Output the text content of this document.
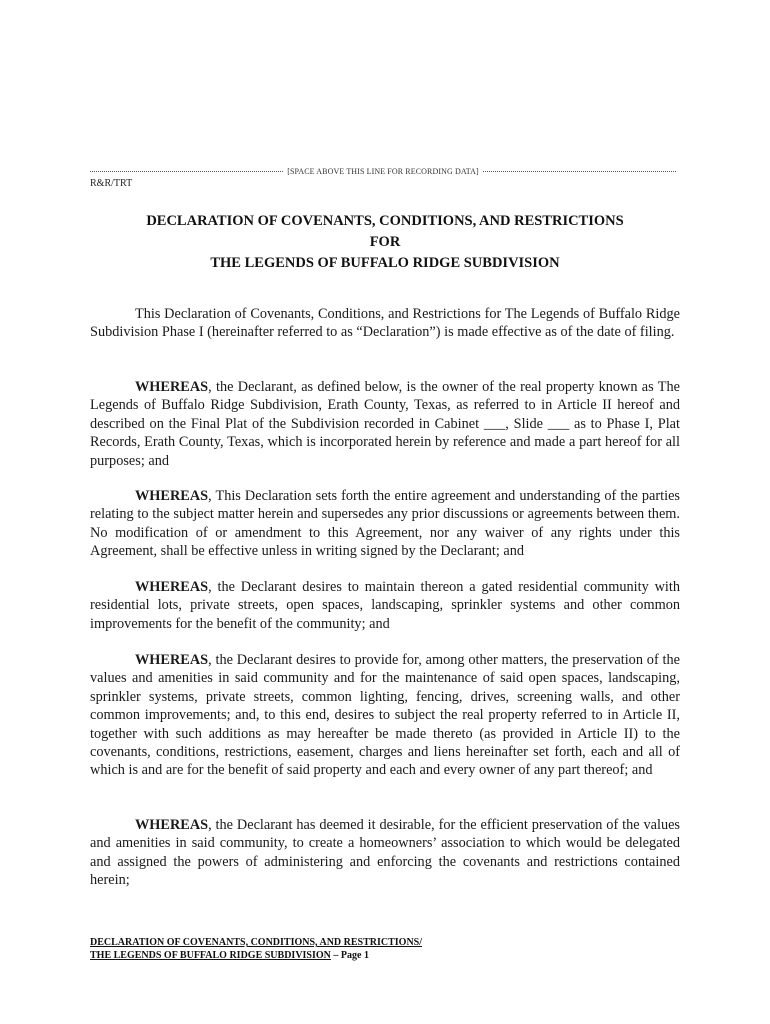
[SPACE ABOVE THIS LINE FOR RECORDING DATA]
R&R/TRT
DECLARATION OF COVENANTS, CONDITIONS, AND RESTRICTIONS
FOR
THE LEGENDS OF BUFFALO RIDGE SUBDIVISION

This Declaration of Covenants, Conditions, and Restrictions for The Legends of Buffalo Ridge Subdivision Phase I (hereinafter referred to as “Declaration”) is made effective as of the date of filing.

WHEREAS, the Declarant, as defined below, is the owner of the real property known as The Legends of Buffalo Ridge Subdivision, Erath County, Texas, as referred to in Article II hereof and described on the Final Plat of the Subdivision recorded in Cabinet ___, Slide ___ as to Phase I, Plat Records, Erath County, Texas, which is incorporated herein by reference and made a part hereof for all purposes; and

WHEREAS, This Declaration sets forth the entire agreement and understanding of the parties relating to the subject matter herein and supersedes any prior discussions or agreements between them. No modification of or amendment to this Agreement, nor any waiver of any rights under this Agreement, shall be effective unless in writing signed by the Declarant; and

WHEREAS, the Declarant desires to maintain thereon a gated residential community with residential lots, private streets, open spaces, landscaping, sprinkler systems and other common improvements for the benefit of the community; and

WHEREAS, the Declarant desires to provide for, among other matters, the preservation of the values and amenities in said community and for the maintenance of said open spaces, landscaping, sprinkler systems, private streets, common lighting, fencing, drives, screening walls, and other common improvements; and, to this end, desires to subject the real property referred to in Article II, together with such additions as may hereafter be made thereto (as provided in Article II) to the covenants, conditions, restrictions, easement, charges and liens hereinafter set forth, each and all of which is and are for the benefit of said property and each and every owner of any part thereof; and

WHEREAS, the Declarant has deemed it desirable, for the efficient preservation of the values and amenities in said community, to create a homeowners’ association to which would be delegated and assigned the powers of administering and enforcing the covenants and restrictions contained herein;

DECLARATION OF COVENANTS, CONDITIONS, AND RESTRICTIONS/
THE LEGENDS OF BUFFALO RIDGE SUBDIVISION – Page 1
